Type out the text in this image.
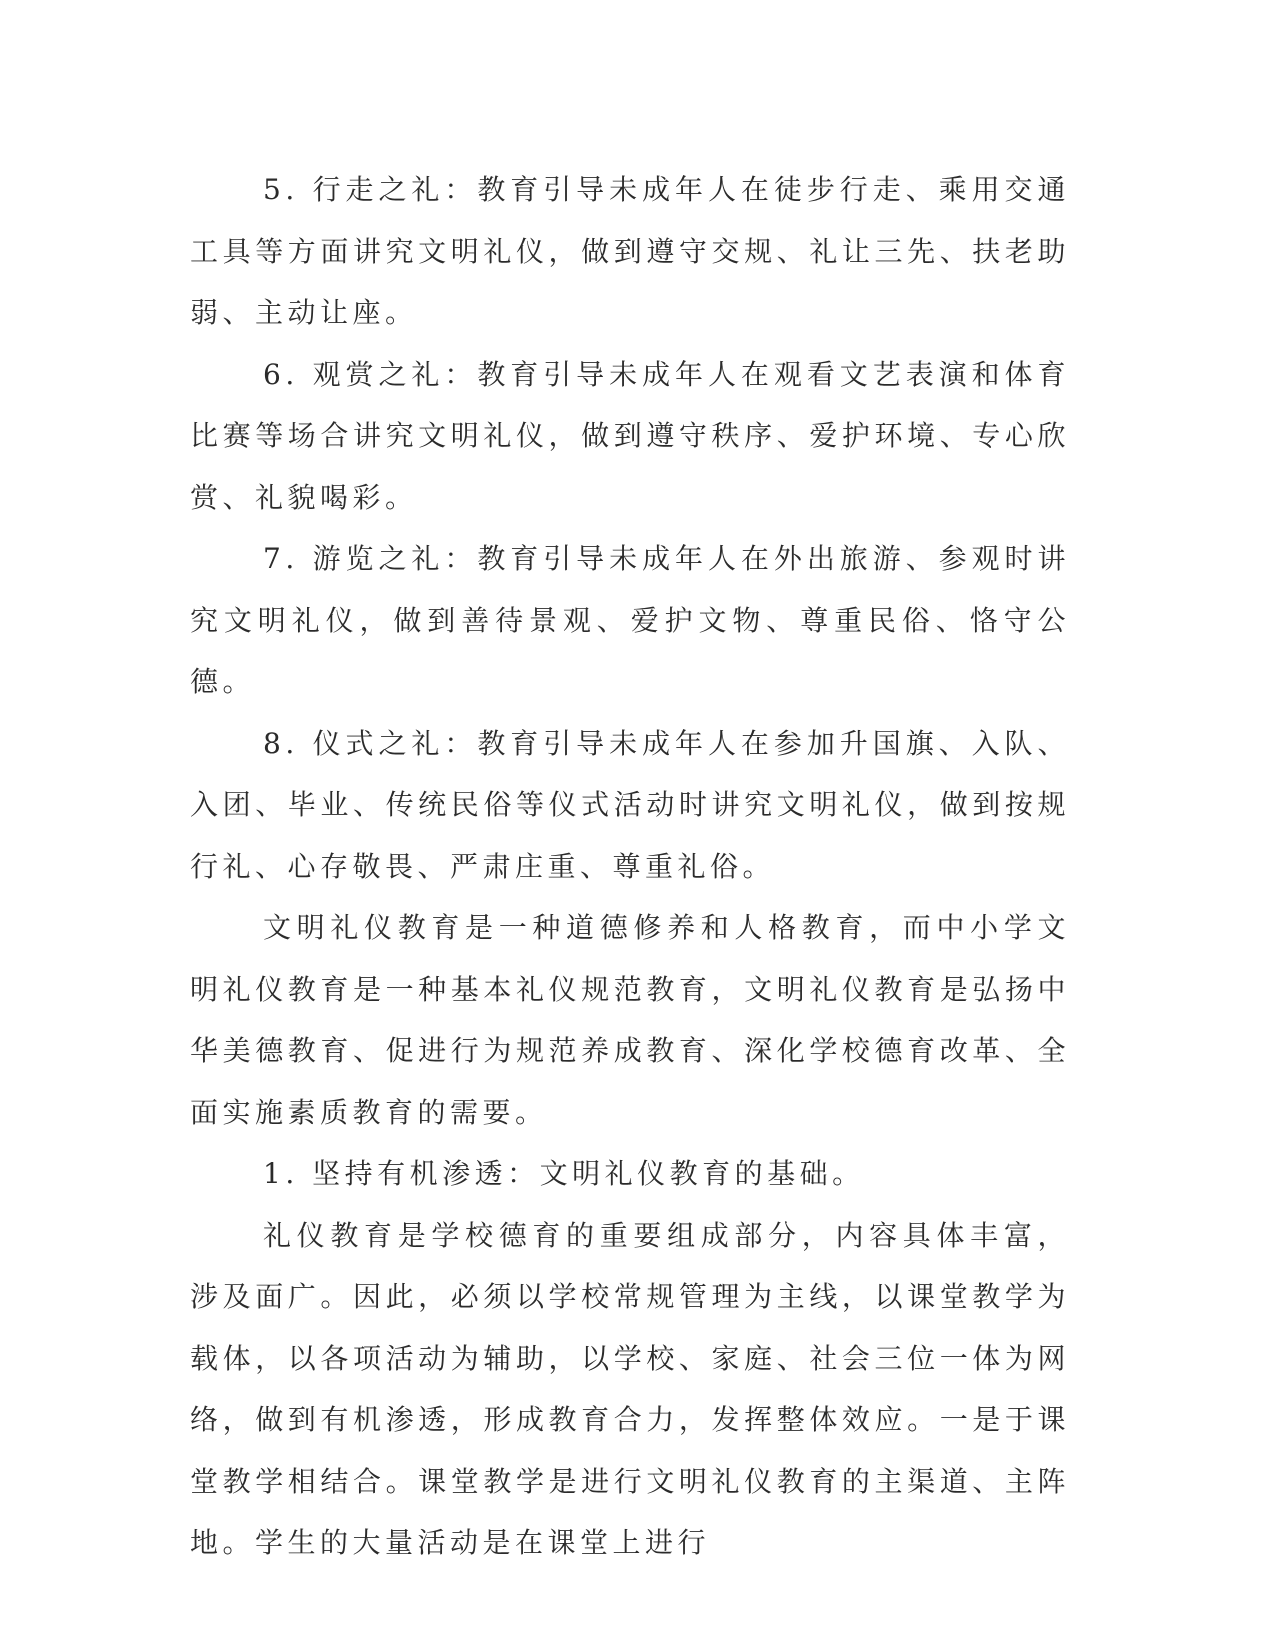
5. 行走之礼：教育引导未成年人在徒步行走、乘用交通工具等方面讲究文明礼仪，做到遵守交规、礼让三先、扶老助弱、主动让座。

6. 观赏之礼：教育引导未成年人在观看文艺表演和体育比赛等场合讲究文明礼仪，做到遵守秩序、爱护环境、专心欣赏、礼貌喝彩。

7. 游览之礼：教育引导未成年人在外出旅游、参观时讲究文明礼仪，做到善待景观、爱护文物、尊重民俗、恪守公德。

8. 仪式之礼：教育引导未成年人在参加升国旗、入队、入团、毕业、传统民俗等仪式活动时讲究文明礼仪，做到按规行礼、心存敬畏、严肃庄重、尊重礼俗。

文明礼仪教育是一种道德修养和人格教育，而中小学文明礼仪教育是一种基本礼仪规范教育，文明礼仪教育是弘扬中华美德教育、促进行为规范养成教育、深化学校德育改革、全面实施素质教育的需要。

1. 坚持有机渗透：文明礼仪教育的基础。

礼仪教育是学校德育的重要组成部分，内容具体丰富，涉及面广。因此，必须以学校常规管理为主线，以课堂教学为载体，以各项活动为辅助，以学校、家庭、社会三位一体为网络，做到有机渗透，形成教育合力，发挥整体效应。一是于课堂教学相结合。课堂教学是进行文明礼仪教育的主渠道、主阵地。学生的大量活动是在课堂上进行
